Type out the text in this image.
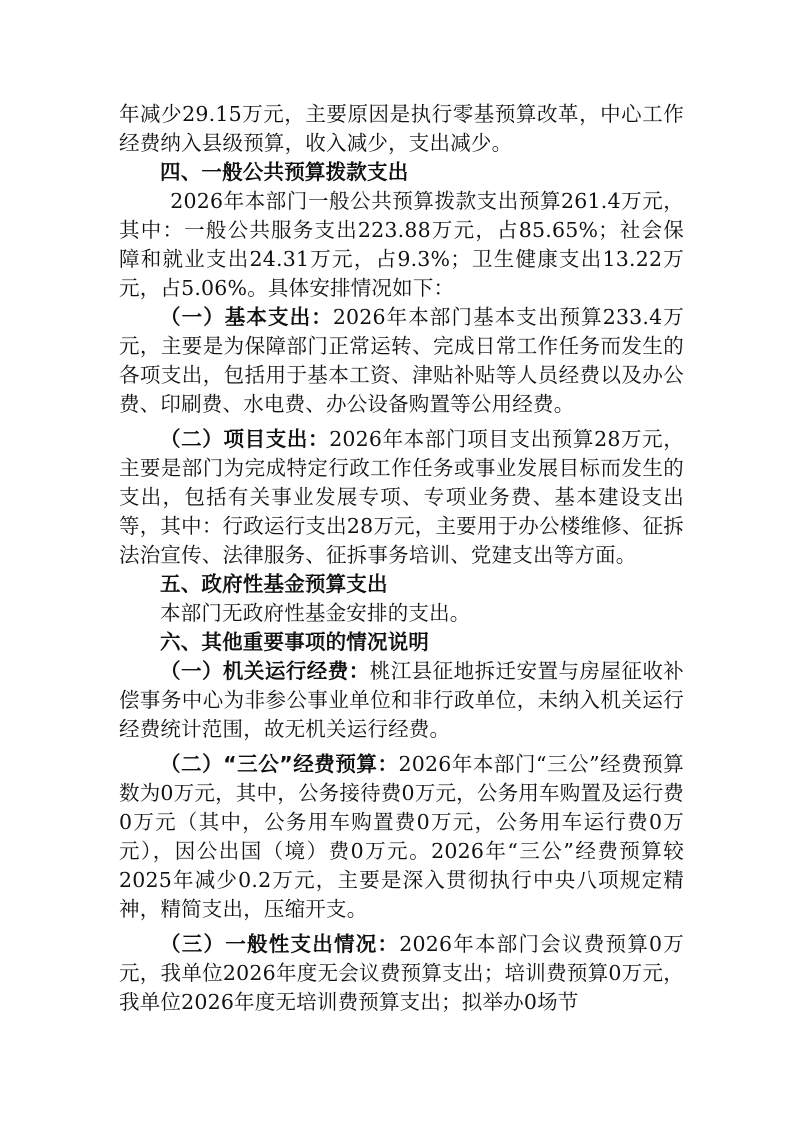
年减少29.15万元，主要原因是执行零基预算改革，中心工作经费纳入县级预算，收入减少，支出减少。

四、一般公共预算拨款支出

2026年本部门一般公共预算拨款支出预算261.4万元，其中：一般公共服务支出223.88万元，占85.65%；社会保障和就业支出24.31万元，占9.3%；卫生健康支出13.22万元，占5.06%。具体安排情况如下：

（一）基本支出：2026年本部门基本支出预算233.4万元，主要是为保障部门正常运转、完成日常工作任务而发生的各项支出，包括用于基本工资、津贴补贴等人员经费以及办公费、印刷费、水电费、办公设备购置等公用经费。

（二）项目支出：2026年本部门项目支出预算28万元，主要是部门为完成特定行政工作任务或事业发展目标而发生的支出，包括有关事业发展专项、专项业务费、基本建设支出等，其中：行政运行支出28万元，主要用于办公楼维修、征拆法治宣传、法律服务、征拆事务培训、党建支出等方面。

五、政府性基金预算支出

本部门无政府性基金安排的支出。

六、其他重要事项的情况说明

（一）机关运行经费：桃江县征地拆迁安置与房屋征收补偿事务中心为非参公事业单位和非行政单位，未纳入机关运行经费统计范围，故无机关运行经费。

（二）“三公”经费预算：2026年本部门“三公”经费预算数为0万元，其中，公务接待费0万元，公务用车购置及运行费0万元（其中，公务用车购置费0万元，公务用车运行费0万元），因公出国（境）费0万元。2026年“三公”经费预算较2025年减少0.2万元，主要是深入贯彻执行中央八项规定精神，精简支出，压缩开支。

（三）一般性支出情况：2026年本部门会议费预算0万元，我单位2026年度无会议费预算支出；培训费预算0万元，我单位2026年度无培训费预算支出；拟举办0场节
